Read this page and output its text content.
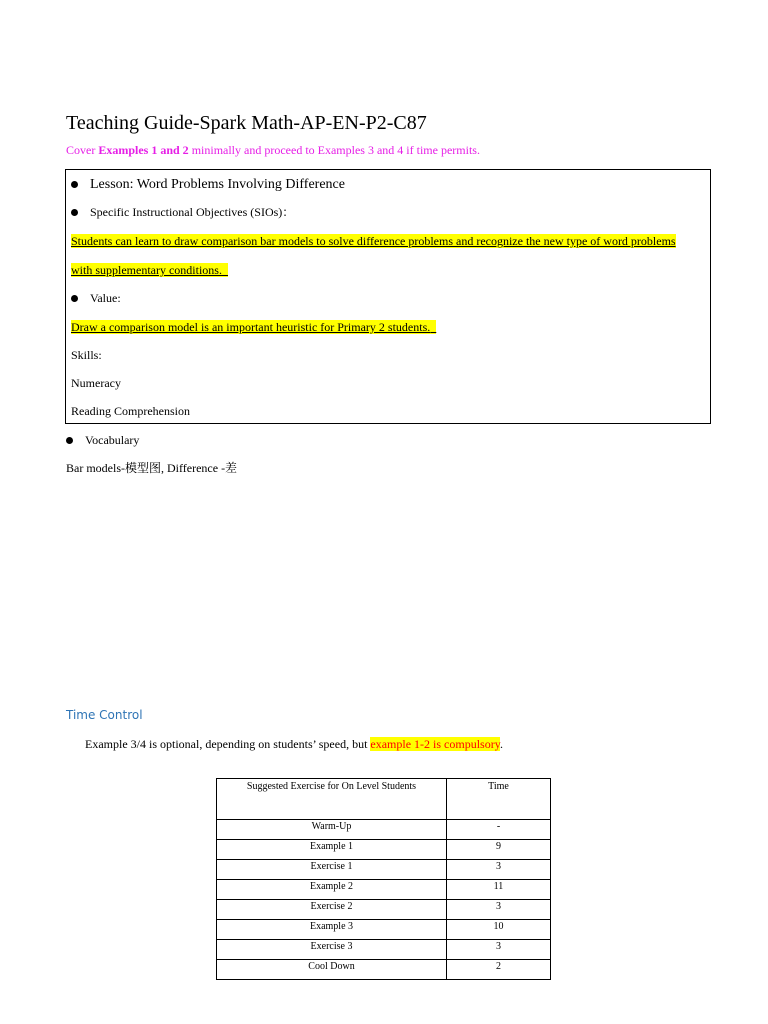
Teaching Guide-Spark Math-AP-EN-P2-C87
Cover Examples 1 and 2 minimally and proceed to Examples 3 and 4 if time permits.
Lesson: Word Problems Involving Difference
Specific Instructional Objectives (SIOs)：
Students can learn to draw comparison bar models to solve difference problems and recognize the new type of word problems
with supplementary conditions.
Value:
Draw a comparison model is an important heuristic for Primary 2 students.
Skills:
Numeracy
Reading Comprehension
Vocabulary
Bar models-模型图, Difference -差
Time Control
Example 3/4 is optional, depending on students’ speed, but example 1-2 is compulsory.
Suggested Exercise for On Level Students	Time
Warm-Up	-
Example 1	9
Exercise 1	3
Example 2	11
Exercise 2	3
Example 3	10
Exercise 3	3
Cool Down	2
